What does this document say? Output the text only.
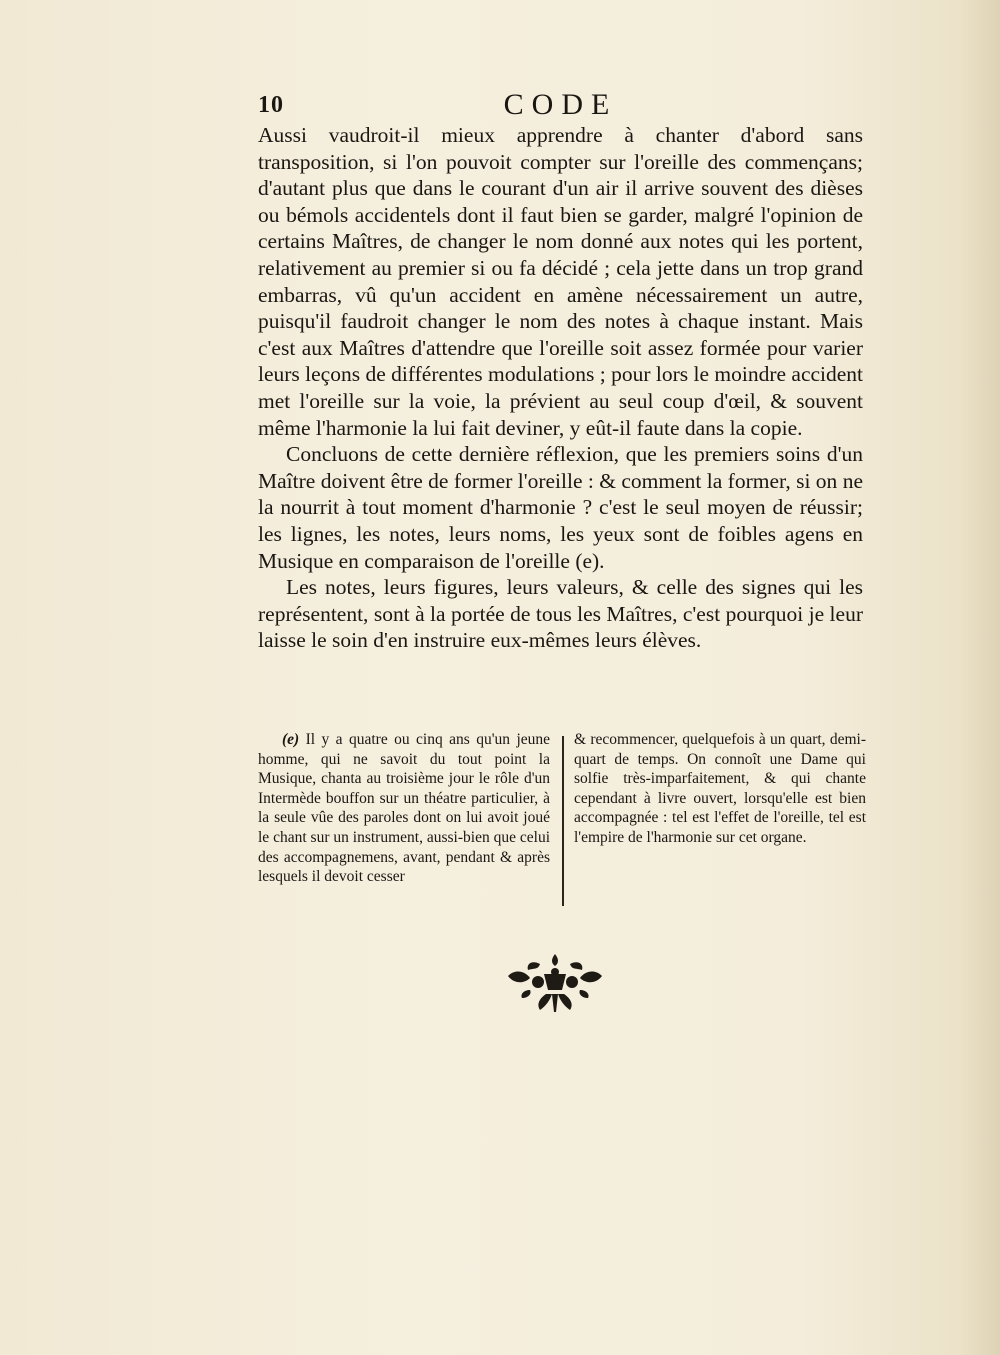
10	CODE

Aussi vaudroit-il mieux apprendre à chanter d'abord sans transposition, si l'on pouvoit compter sur l'oreille des commençans; d'autant plus que dans le courant d'un air il arrive souvent des dièses ou bémols accidentels dont il faut bien se garder, malgré l'opinion de certains Maîtres, de changer le nom donné aux notes qui les portent, relativement au premier si ou fa décidé ; cela jette dans un trop grand embarras, vû qu'un accident en amène nécessairement un autre, puisqu'il faudroit changer le nom des notes à chaque instant. Mais c'est aux Maîtres d'attendre que l'oreille soit assez formée pour varier leurs leçons de différentes modulations ; pour lors le moindre accident met l'oreille sur la voie, la prévient au seul coup d'œil, & souvent même l'harmonie la lui fait deviner, y eût-il faute dans la copie.

Concluons de cette dernière réflexion, que les premiers soins d'un Maître doivent être de former l'oreille : & comment la former, si on ne la nourrit à tout moment d'harmonie ? c'est le seul moyen de réussir; les lignes, les notes, leurs noms, les yeux sont de foibles agens en Musique en comparaison de l'oreille (e).

Les notes, leurs figures, leurs valeurs, & celle des signes qui les représentent, sont à la portée de tous les Maîtres, c'est pourquoi je leur laisse le soin d'en instruire eux-mêmes leurs élèves.

(e) Il y a quatre ou cinq ans qu'un jeune homme, qui ne savoit du tout point la Musique, chanta au troisième jour le rôle d'un Intermède bouffon sur un théatre particulier, à la seule vûe des paroles dont on lui avoit joué le chant sur un instrument, aussi-bien que celui des accompagnemens, avant, pendant & après lesquels il devoit cesser
& recommencer, quelquefois à un quart, demi-quart de temps. On connoît une Dame qui solfie très-imparfaitement, & qui chante cependant à livre ouvert, lorsqu'elle est bien accompagnée : tel est l'effet de l'oreille, tel est l'empire de l'harmonie sur cet organe.
